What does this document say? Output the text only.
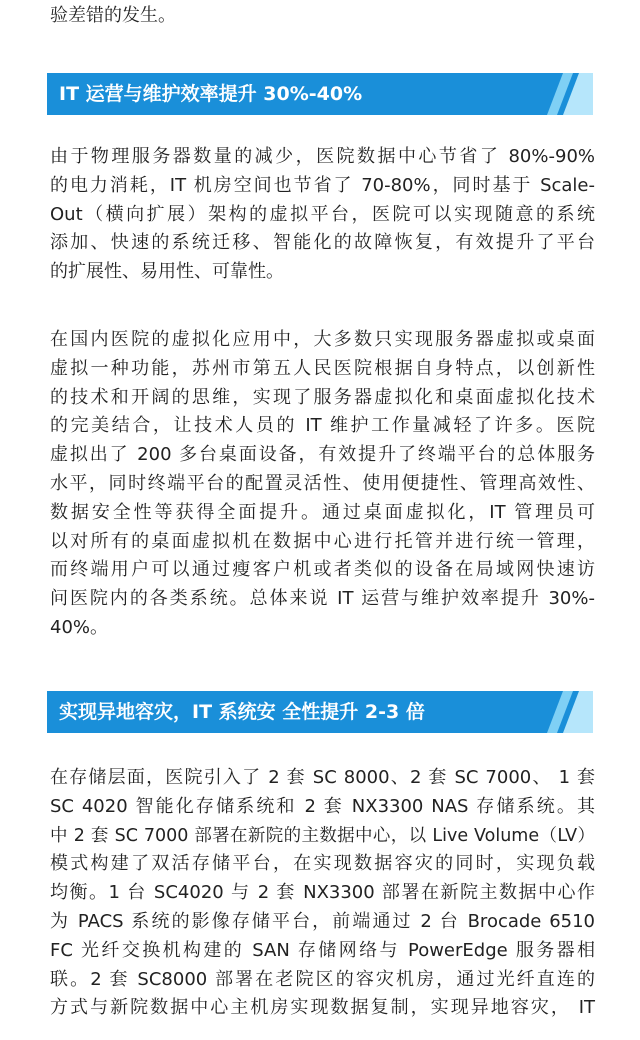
验差错的发生。
IT 运营与维护效率提升 30%-40%
由于物理服务器数量的减少，医院数据中心节省了 80%-90%
的电力消耗，IT 机房空间也节省了 70-80%，同时基于 Scale-
Out（横向扩展）架构的虚拟平台，医院可以实现随意的系统
添加、快速的系统迁移、智能化的故障恢复，有效提升了平台
的扩展性、易用性、可靠性。
在国内医院的虚拟化应用中，大多数只实现服务器虚拟或桌面
虚拟一种功能，苏州市第五人民医院根据自身特点，以创新性
的技术和开阔的思维，实现了服务器虚拟化和桌面虚拟化技术
的完美结合，让技术人员的 IT 维护工作量减轻了许多。医院
虚拟出了 200 多台桌面设备，有效提升了终端平台的总体服务
水平，同时终端平台的配置灵活性、使用便捷性、管理高效性、
数据安全性等获得全面提升。通过桌面虚拟化，IT 管理员可
以对所有的桌面虚拟机在数据中心进行托管并进行统一管理，
而终端用户可以通过瘦客户机或者类似的设备在局域网快速访
问医院内的各类系统。总体来说 IT 运营与维护效率提升 30%-
40%。
实现异地容灾，IT 系统安 全性提升 2-3 倍
在存储层面，医院引入了 2 套 SC 8000、2 套 SC 7000、 1 套
SC 4020 智能化存储系统和 2 套 NX3300 NAS 存储系统。其
中 2 套 SC 7000 部署在新院的主数据中心，以 Live Volume（LV）
模式构建了双活存储平台，在实现数据容灾的同时，实现负载
均衡。1 台 SC4020 与 2 套 NX3300 部署在新院主数据中心作
为 PACS 系统的影像存储平台，前端通过 2 台 Brocade 6510
FC 光纤交换机构建的 SAN 存储网络与 PowerEdge 服务器相
联。2 套 SC8000 部署在老院区的容灾机房，通过光纤直连的
方式与新院数据中心主机房实现数据复制，实现异地容灾， IT
